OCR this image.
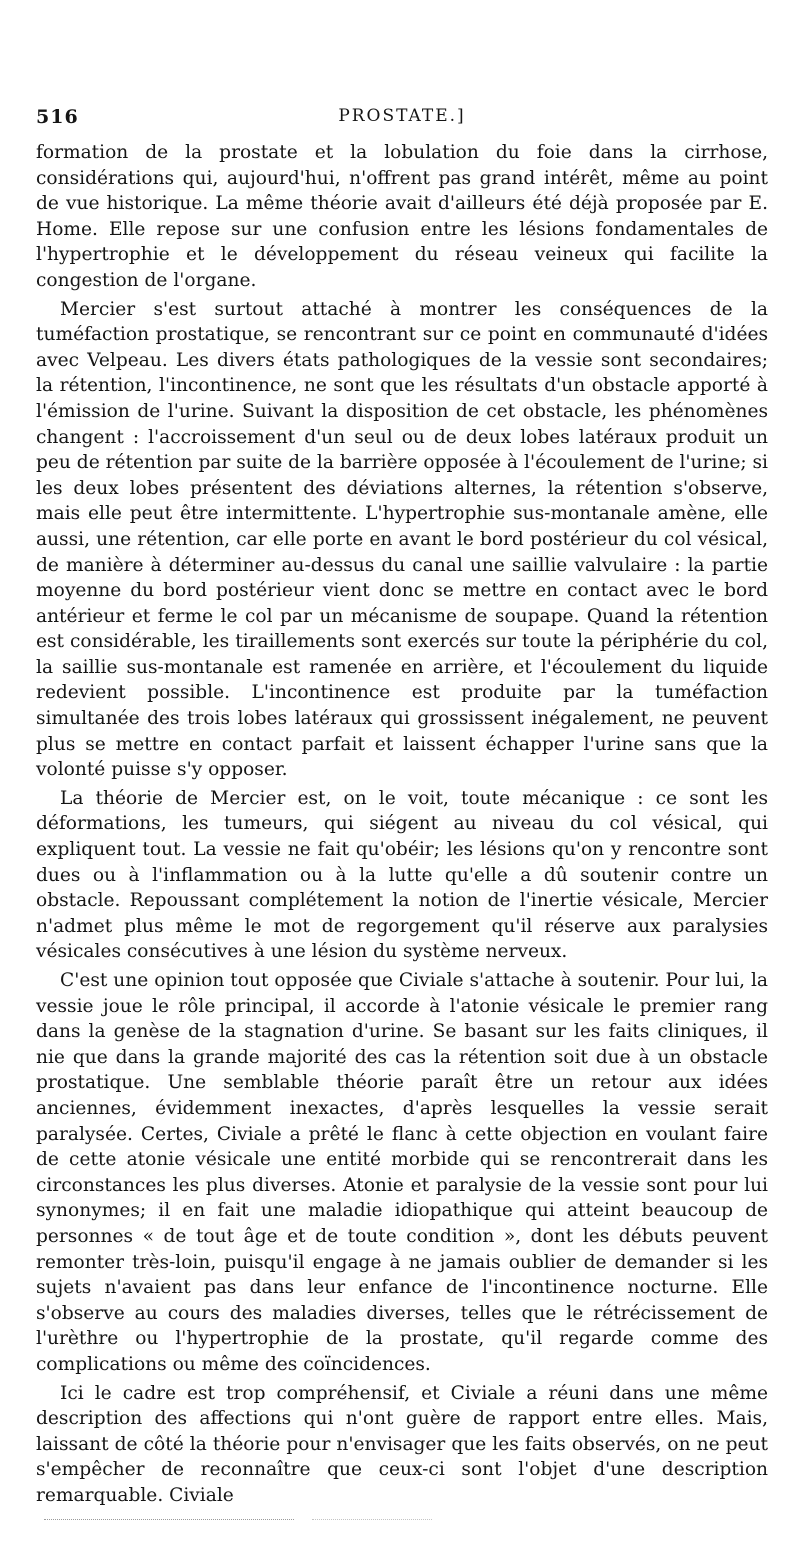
516	PROSTATE.]

formation de la prostate et la lobulation du foie dans la cirrhose, considérations qui, aujourd'hui, n'offrent pas grand intérêt, même au point de vue historique. La même théorie avait d'ailleurs été déjà proposée par E. Home. Elle repose sur une confusion entre les lésions fondamentales de l'hypertrophie et le développement du réseau veineux qui facilite la congestion de l'organe.

Mercier s'est surtout attaché à montrer les conséquences de la tuméfaction prostatique, se rencontrant sur ce point en communauté d'idées avec Velpeau. Les divers états pathologiques de la vessie sont secondaires; la rétention, l'incontinence, ne sont que les résultats d'un obstacle apporté à l'émission de l'urine. Suivant la disposition de cet obstacle, les phénomènes changent : l'accroissement d'un seul ou de deux lobes latéraux produit un peu de rétention par suite de la barrière opposée à l'écoulement de l'urine; si les deux lobes présentent des déviations alternes, la rétention s'observe, mais elle peut être intermittente. L'hypertrophie sus-montanale amène, elle aussi, une rétention, car elle porte en avant le bord postérieur du col vésical, de manière à déterminer au-dessus du canal une saillie valvulaire : la partie moyenne du bord postérieur vient donc se mettre en contact avec le bord antérieur et ferme le col par un mécanisme de soupape. Quand la rétention est considérable, les tiraillements sont exercés sur toute la périphérie du col, la saillie sus-montanale est ramenée en arrière, et l'écoulement du liquide redevient possible. L'incontinence est produite par la tuméfaction simultanée des trois lobes latéraux qui grossissent inégalement, ne peuvent plus se mettre en contact parfait et laissent échapper l'urine sans que la volonté puisse s'y opposer.

La théorie de Mercier est, on le voit, toute mécanique : ce sont les déformations, les tumeurs, qui siégent au niveau du col vésical, qui expliquent tout. La vessie ne fait qu'obéir; les lésions qu'on y rencontre sont dues ou à l'inflammation ou à la lutte qu'elle a dû soutenir contre un obstacle. Repoussant complétement la notion de l'inertie vésicale, Mercier n'admet plus même le mot de regorgement qu'il réserve aux paralysies vésicales consécutives à une lésion du système nerveux.

C'est une opinion tout opposée que Civiale s'attache à soutenir. Pour lui, la vessie joue le rôle principal, il accorde à l'atonie vésicale le premier rang dans la genèse de la stagnation d'urine. Se basant sur les faits cliniques, il nie que dans la grande majorité des cas la rétention soit due à un obstacle prostatique. Une semblable théorie paraît être un retour aux idées anciennes, évidemment inexactes, d'après lesquelles la vessie serait paralysée. Certes, Civiale a prêté le flanc à cette objection en voulant faire de cette atonie vésicale une entité morbide qui se rencontrerait dans les circonstances les plus diverses. Atonie et paralysie de la vessie sont pour lui synonymes; il en fait une maladie idiopathique qui atteint beaucoup de personnes « de tout âge et de toute condition », dont les débuts peuvent remonter très-loin, puisqu'il engage à ne jamais oublier de demander si les sujets n'avaient pas dans leur enfance de l'incontinence nocturne. Elle s'observe au cours des maladies diverses, telles que le rétrécissement de l'urèthre ou l'hypertrophie de la prostate, qu'il regarde comme des complications ou même des coïncidences.

Ici le cadre est trop compréhensif, et Civiale a réuni dans une même description des affections qui n'ont guère de rapport entre elles. Mais, laissant de côté la théorie pour n'envisager que les faits observés, on ne peut s'empêcher de reconnaître que ceux-ci sont l'objet d'une description remarquable. Civiale
